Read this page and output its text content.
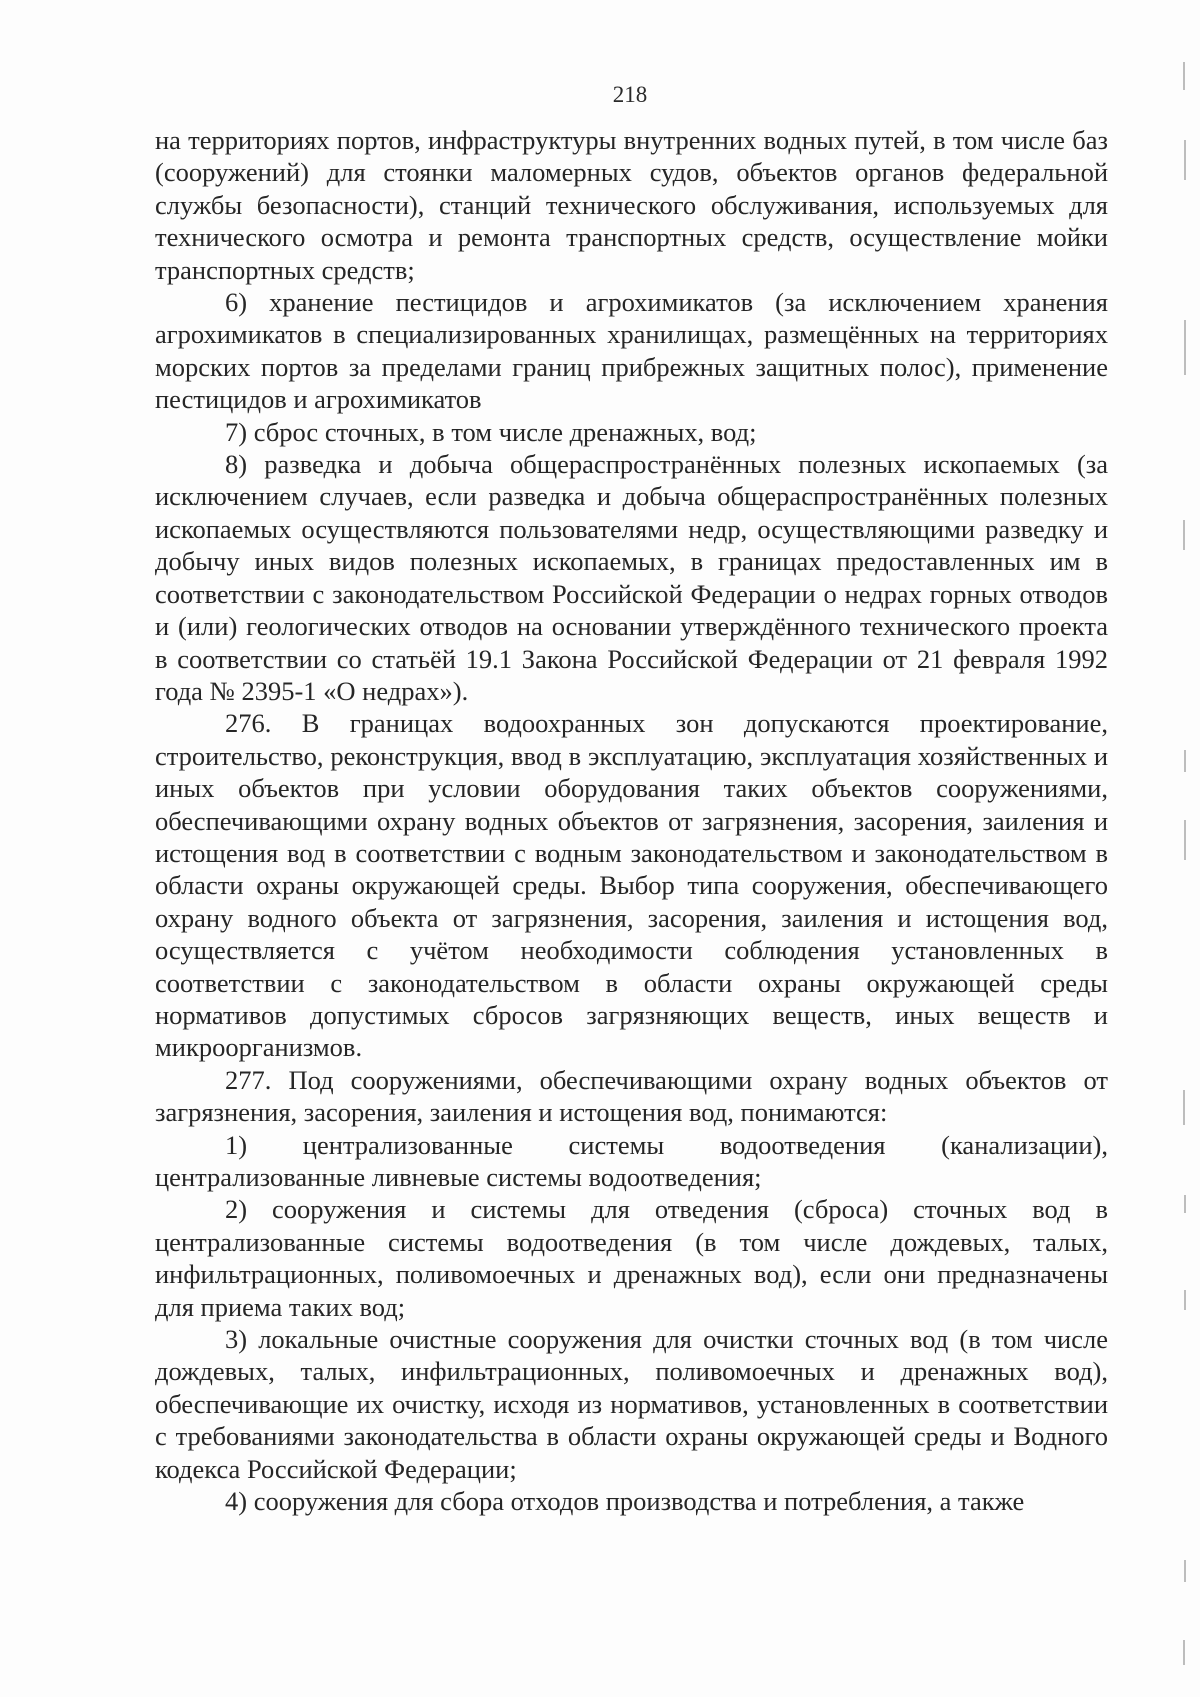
218

на территориях портов, инфраструктуры внутренних водных путей, в том числе баз (сооружений) для стоянки маломерных судов, объектов органов федеральной службы безопасности), станций технического обслуживания, используемых для технического осмотра и ремонта транспортных средств, осуществление мойки транспортных средств;

6) хранение пестицидов и агрохимикатов (за исключением хранения агрохимикатов в специализированных хранилищах, размещённых на территориях морских портов за пределами границ прибрежных защитных полос), применение пестицидов и агрохимикатов

7) сброс сточных, в том числе дренажных, вод;

8) разведка и добыча общераспространённых полезных ископаемых (за исключением случаев, если разведка и добыча общераспространённых полезных ископаемых осуществляются пользователями недр, осуществляющими разведку и добычу иных видов полезных ископаемых, в границах предоставленных им в соответствии с законодательством Российской Федерации о недрах горных отводов и (или) геологических отводов на основании утверждённого технического проекта в соответствии со статьёй 19.1 Закона Российской Федерации от 21 февраля 1992 года № 2395-1 «О недрах»).

276. В границах водоохранных зон допускаются проектирование, строительство, реконструкция, ввод в эксплуатацию, эксплуатация хозяйственных и иных объектов при условии оборудования таких объектов сооружениями, обеспечивающими охрану водных объектов от загрязнения, засорения, заиления и истощения вод в соответствии с водным законодательством и законодательством в области охраны окружающей среды. Выбор типа сооружения, обеспечивающего охрану водного объекта от загрязнения, засорения, заиления и истощения вод, осуществляется с учётом необходимости соблюдения установленных в соответствии с законодательством в области охраны окружающей среды нормативов допустимых сбросов загрязняющих веществ, иных веществ и микроорганизмов.

277. Под сооружениями, обеспечивающими охрану водных объектов от загрязнения, засорения, заиления и истощения вод, понимаются:

1) централизованные системы водоотведения (канализации), централизованные ливневые системы водоотведения;

2) сооружения и системы для отведения (сброса) сточных вод в централизованные системы водоотведения (в том числе дождевых, талых, инфильтрационных, поливомоечных и дренажных вод), если они предназначены для приема таких вод;

3) локальные очистные сооружения для очистки сточных вод (в том числе дождевых, талых, инфильтрационных, поливомоечных и дренажных вод), обеспечивающие их очистку, исходя из нормативов, установленных в соответствии с требованиями законодательства в области охраны окружающей среды и Водного кодекса Российской Федерации;

4) сооружения для сбора отходов производства и потребления, а также
